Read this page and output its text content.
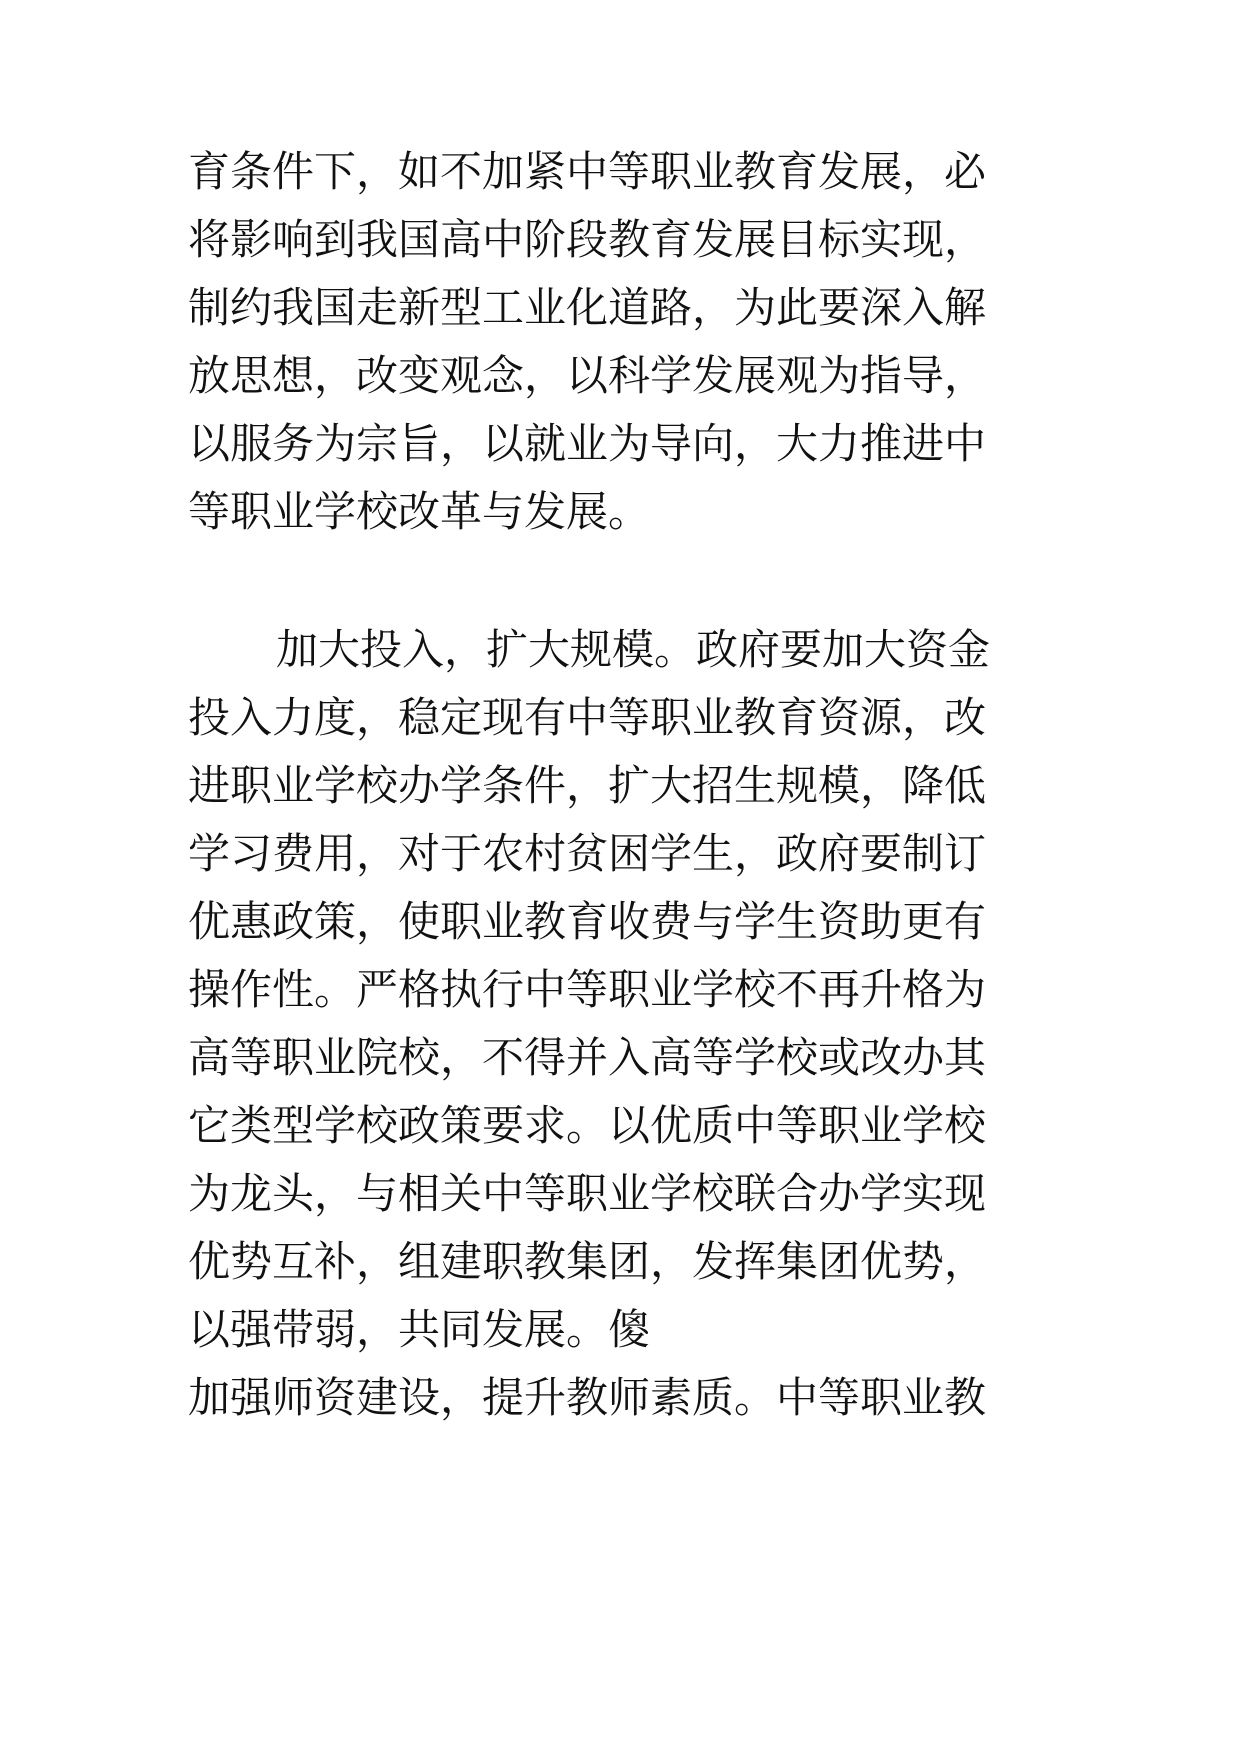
育条件下，如不加紧中等职业教育发展，必

将影响到我国高中阶段教育发展目标实现，

制约我国走新型工业化道路，为此要深入解

放思想，改变观念，以科学发展观为指导，

以服务为宗旨，以就业为导向，大力推进中

等职业学校改革与发展。

加大投入，扩大规模。政府要加大资金

投入力度，稳定现有中等职业教育资源，改

进职业学校办学条件，扩大招生规模，降低

学习费用，对于农村贫困学生，政府要制订

优惠政策，使职业教育收费与学生资助更有

操作性。严格执行中等职业学校不再升格为

高等职业院校，不得并入高等学校或改办其

它类型学校政策要求。以优质中等职业学校

为龙头，与相关中等职业学校联合办学实现

优势互补，组建职教集团，发挥集团优势，

以强带弱，共同发展。傻

加强师资建设，提升教师素质。中等职业教
